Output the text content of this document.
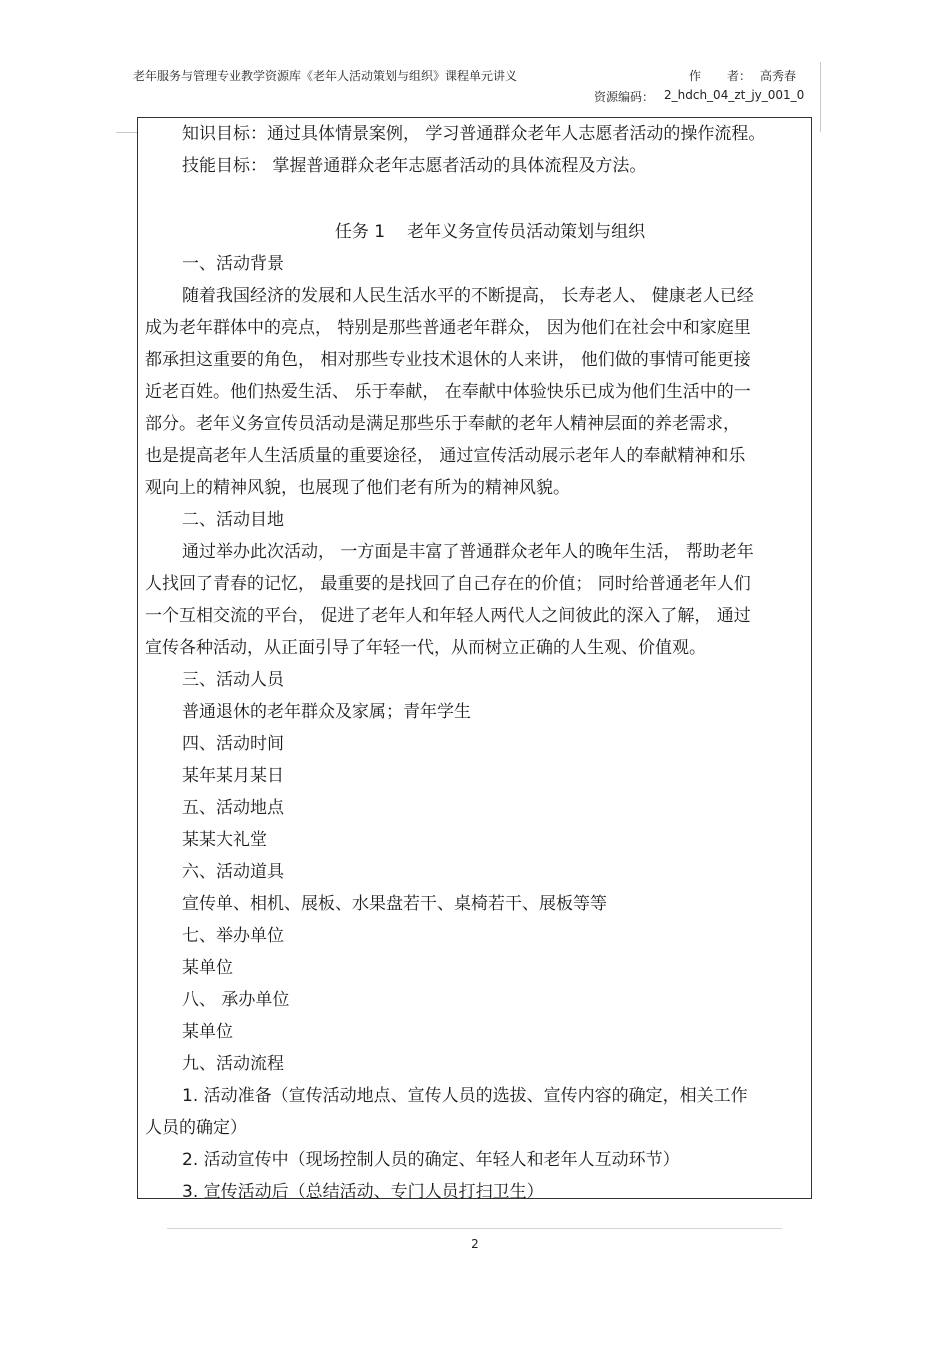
老年服务与管理专业教学资源库《老年人活动策划与组织》课程单元讲义	作 者： 高秀春
资源编码： 2_hdch_04_zt_jy_001_0

知识目标：通过具体情景案例， 学习普通群众老年人志愿者活动的操作流程。

技能目标： 掌握普通群众老年志愿者活动的具体流程及方法。

任务 1 老年义务宣传员活动策划与组织

一、活动背景

随着我国经济的发展和人民生活水平的不断提高， 长寿老人、 健康老人已经

成为老年群体中的亮点， 特别是那些普通老年群众， 因为他们在社会中和家庭里

都承担这重要的角色， 相对那些专业技术退休的人来讲， 他们做的事情可能更接

近老百姓。他们热爱生活、 乐于奉献， 在奉献中体验快乐已成为他们生活中的一

部分。老年义务宣传员活动是满足那些乐于奉献的老年人精神层面的养老需求，

也是提高老年人生活质量的重要途径， 通过宣传活动展示老年人的奉献精神和乐

观向上的精神风貌，也展现了他们老有所为的精神风貌。

二、活动目地

通过举办此次活动， 一方面是丰富了普通群众老年人的晚年生活， 帮助老年

人找回了青春的记忆， 最重要的是找回了自己存在的价值； 同时给普通老年人们

一个互相交流的平台， 促进了老年人和年轻人两代人之间彼此的深入了解， 通过

宣传各种活动，从正面引导了年轻一代，从而树立正确的人生观、价值观。

三、活动人员

普通退休的老年群众及家属；青年学生

四、活动时间

某年某月某日

五、活动地点

某某大礼堂

六、活动道具

宣传单、相机、展板、水果盘若干、桌椅若干、展板等等

七、举办单位

某单位

八、 承办单位

某单位

九、活动流程

1. 活动准备（宣传活动地点、宣传人员的选拔、宣传内容的确定，相关工作

人员的确定）

2. 活动宣传中（现场控制人员的确定、年轻人和老年人互动环节）

3. 宣传活动后（总结活动、专门人员打扫卫生）

2
